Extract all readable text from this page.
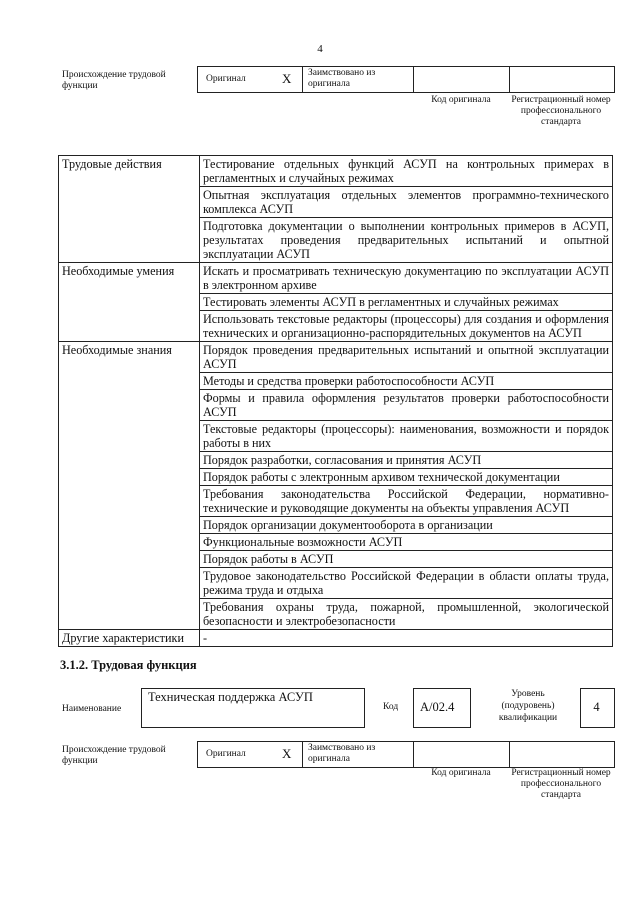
4
Происхождение трудовой функции
Оригинал	X Заимствовано из оригинала
Код оригинала	Регистрационный номер профессионального стандарта
Трудовые действия	Тестирование отдельных функций АСУП на контрольных примерах в регламентных и случайных режимах
	Опытная эксплуатация отдельных элементов программно-технического комплекса АСУП
	Подготовка документации о выполнении контрольных примеров в АСУП, результатах проведения предварительных испытаний и опытной эксплуатации АСУП
Необходимые умения	Искать и просматривать техническую документацию по эксплуатации АСУП в электронном архиве
	Тестировать элементы АСУП в регламентных и случайных режимах
	Использовать текстовые редакторы (процессоры) для создания и оформления технических и организационно-распорядительных документов на АСУП
Необходимые знания	Порядок проведения предварительных испытаний и опытной эксплуатации АСУП
	Методы и средства проверки работоспособности АСУП
	Формы и правила оформления результатов проверки работоспособности АСУП
	Текстовые редакторы (процессоры): наименования, возможности и порядок работы в них
	Порядок разработки, согласования и принятия АСУП
	Порядок работы с электронным архивом технической документации
	Требования законодательства Российской Федерации, нормативно-технические и руководящие документы на объекты управления АСУП
	Порядок организации документооборота в организации
	Функциональные возможности АСУП
	Порядок работы в АСУП
	Трудовое законодательство Российской Федерации в области оплаты труда, режима труда и отдыха
	Требования охраны труда, пожарной, промышленной, экологической безопасности и электробезопасности
Другие характеристики	-
3.1.2. Трудовая функция
Наименование
Техническая поддержка АСУП
Код А/02.4
Уровень (подуровень) квалификации
4
Происхождение трудовой функции
Оригинал	X Заимствовано из оригинала
Код оригинала	Регистрационный номер профессионального стандарта
